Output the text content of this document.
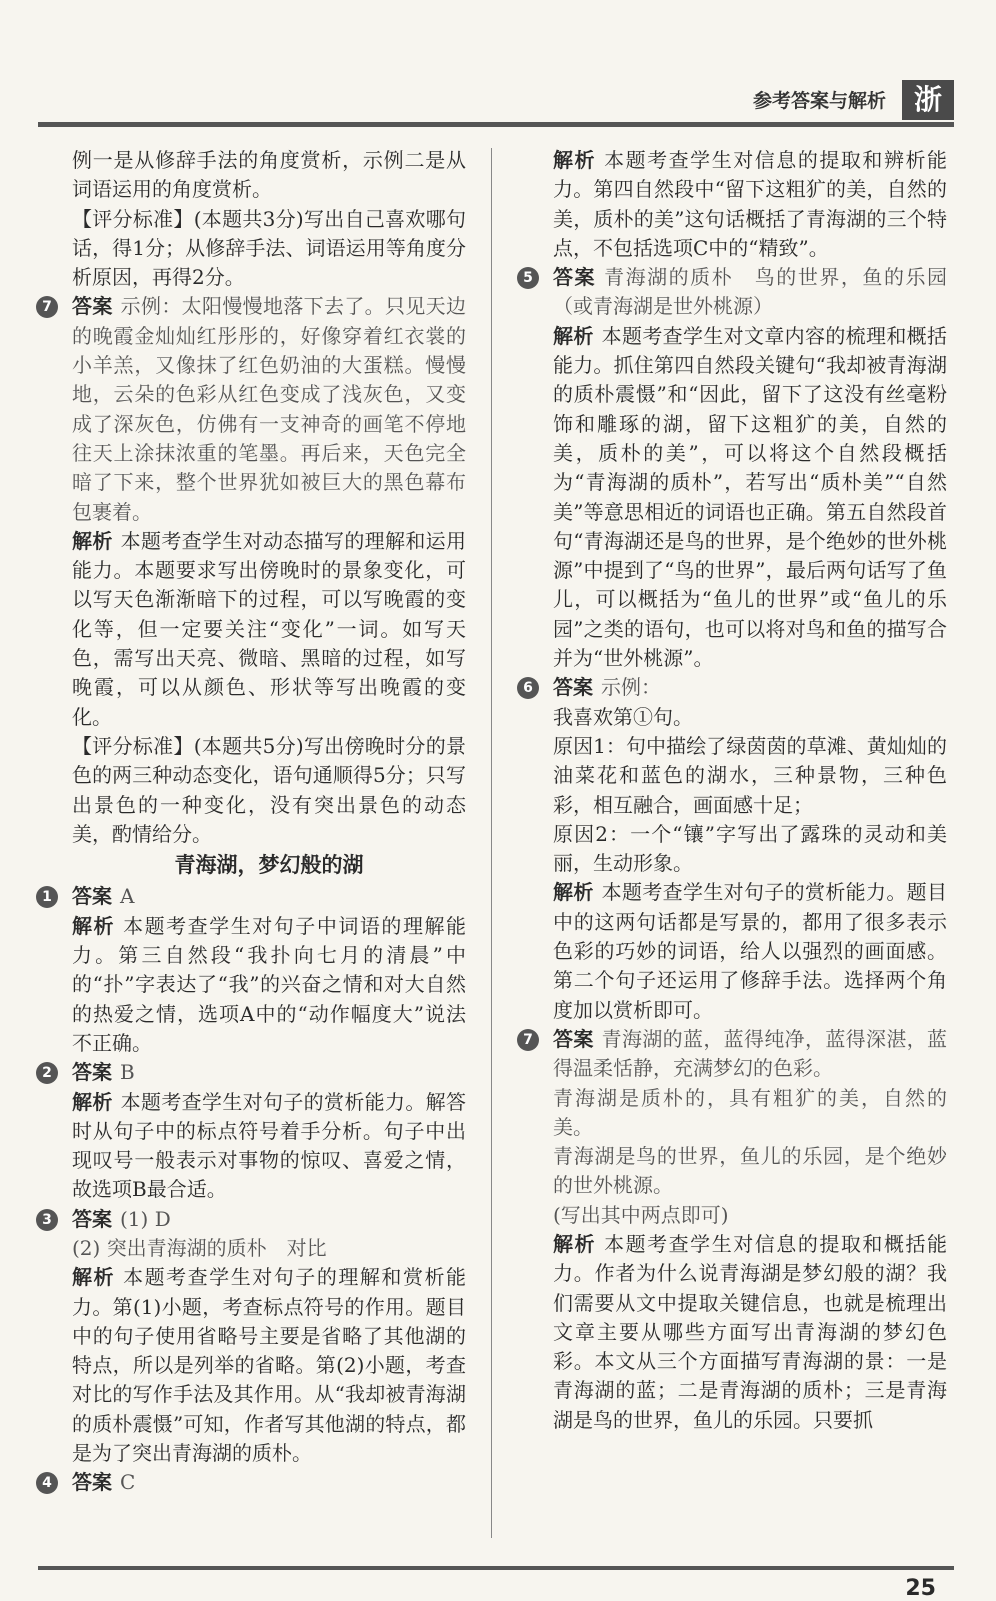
参考答案与解析 浙

例一是从修辞手法的角度赏析，示例二是从词语运用的角度赏析。

【评分标准】(本题共3分)写出自己喜欢哪句话，得1分；从修辞手法、词语运用等角度分析原因，再得2分。

7	答案 示例：太阳慢慢地落下去了。只见天边的晚霞金灿灿红彤彤的，好像穿着红衣裳的小羊羔，又像抹了红色奶油的大蛋糕。慢慢地，云朵的色彩从红色变成了浅灰色，又变成了深灰色，仿佛有一支神奇的画笔不停地往天上涂抹浓重的笔墨。再后来，天色完全暗了下来，整个世界犹如被巨大的黑色幕布包裹着。

解析 本题考查学生对动态描写的理解和运用能力。本题要求写出傍晚时的景象变化，可以写天色渐渐暗下的过程，可以写晚霞的变化等，但一定要关注“变化”一词。如写天色，需写出天亮、微暗、黑暗的过程，如写晚霞，可以从颜色、形状等写出晚霞的变化。

【评分标准】(本题共5分)写出傍晚时分的景色的两三种动态变化，语句通顺得5分；只写出景色的一种变化，没有突出景色的动态美，酌情给分。

青海湖，梦幻般的湖
1	答案 A

解析 本题考查学生对句子中词语的理解能力。第三自然段“我扑向七月的清晨”中的“扑”字表达了“我”的兴奋之情和对大自然的热爱之情，选项A中的“动作幅度大”说法不正确。

2	答案 B

解析 本题考查学生对句子的赏析能力。解答时从句子中的标点符号着手分析。句子中出现叹号一般表示对事物的惊叹、喜爱之情，故选项B最合适。

3	答案 (1) D

(2) 突出青海湖的质朴　对比

解析 本题考查学生对句子的理解和赏析能力。第(1)小题，考查标点符号的作用。题目中的句子使用省略号主要是省略了其他湖的特点，所以是列举的省略。第(2)小题，考查对比的写作手法及其作用。从“我却被青海湖的质朴震慑”可知，作者写其他湖的特点，都是为了突出青海湖的质朴。

4	答案 C

解析 本题考查学生对信息的提取和辨析能力。第四自然段中“留下这粗犷的美，自然的美，质朴的美”这句话概括了青海湖的三个特点，不包括选项C中的“精致”。

5	答案 青海湖的质朴　鸟的世界，鱼的乐园（或青海湖是世外桃源）

解析 本题考查学生对文章内容的梳理和概括能力。抓住第四自然段关键句“我却被青海湖的质朴震慑”和“因此，留下了这没有丝毫粉饰和雕琢的湖，留下这粗犷的美，自然的美，质朴的美”，可以将这个自然段概括为“青海湖的质朴”，若写出“质朴美”“自然美”等意思相近的词语也正确。第五自然段首句“青海湖还是鸟的世界，是个绝妙的世外桃源”中提到了“鸟的世界”，最后两句话写了鱼儿，可以概括为“鱼儿的世界”或“鱼儿的乐园”之类的语句，也可以将对鸟和鱼的描写合并为“世外桃源”。

6	答案 示例：

我喜欢第①句。

原因1：句中描绘了绿茵茵的草滩、黄灿灿的油菜花和蓝色的湖水，三种景物，三种色彩，相互融合，画面感十足；

原因2：一个“镶”字写出了露珠的灵动和美丽，生动形象。

解析 本题考查学生对句子的赏析能力。题目中的这两句话都是写景的，都用了很多表示色彩的巧妙的词语，给人以强烈的画面感。第二个句子还运用了修辞手法。选择两个角度加以赏析即可。

7	答案 青海湖的蓝，蓝得纯净，蓝得深湛，蓝得温柔恬静，充满梦幻的色彩。

青海湖是质朴的，具有粗犷的美，自然的美。

青海湖是鸟的世界，鱼儿的乐园，是个绝妙的世外桃源。

(写出其中两点即可)

解析 本题考查学生对信息的提取和概括能力。作者为什么说青海湖是梦幻般的湖？我们需要从文中提取关键信息，也就是梳理出文章主要从哪些方面写出青海湖的梦幻色彩。本文从三个方面描写青海湖的景：一是青海湖的蓝；二是青海湖的质朴；三是青海湖是鸟的世界，鱼儿的乐园。只要抓

25
